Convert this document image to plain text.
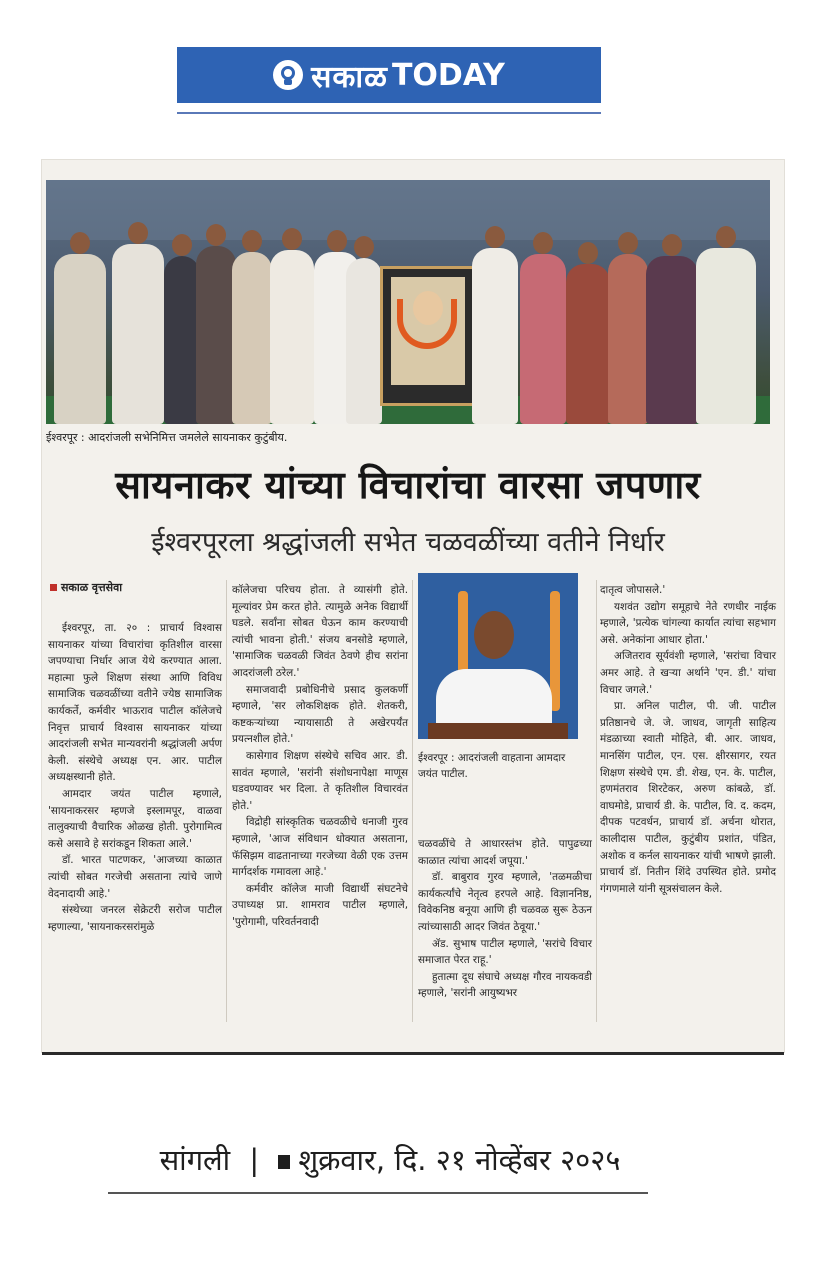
सकाळ TODAY
ईश्‍वरपूर : आदरांजली सभेनिमित्त जमलेले सायनाकर कुटुंबीय.
सायनाकर यांच्या विचारांचा वारसा जपणार
ईश्‍वरपूरला श्रद्धांजली सभेत चळवळींच्या वतीने निर्धार
सकाळ वृत्तसेवा

ईश्‍वरपूर, ता. २० : प्राचार्य विश्‍वास सायनाकर यांच्या विचारांचा कृतिशील वारसा जपण्याचा निर्धार आज येथे करण्यात आला. महात्मा फुले शिक्षण संस्था आणि विविध सामाजिक चळवळींच्या वतीने ज्येष्ठ सामाजिक कार्यकर्ते, कर्मवीर भाऊराव पाटील कॉलेजचे निवृत्त प्राचार्य विश्‍वास सायनाकर यांच्या आदरांजली सभेत मान्यवरांनी श्रद्धांजली अर्पण केली. संस्थेचे अध्यक्ष एन. आर. पाटील अध्यक्षस्थानी होते.

आमदार जयंत पाटील म्हणाले, 'सायनाकरसर म्हणजे इस्लामपूर, वाळवा तालुक्याची वैचारिक ओळख होती. पुरोगामित्व कसे असावे हे सरांकडून शिकता आले.'

डॉ. भारत पाटणकर, 'आजच्या काळात त्यांची सोबत गरजेची असताना त्यांचे जाणे वेदनादायी आहे.'

संस्थेच्या जनरल सेक्रेटरी सरोज पाटील म्हणाल्या, 'सायनाकरसरांमुळे

कॉलेजचा परिचय होता. ते व्यासंगी होते. मूल्यांवर प्रेम करत होते. त्यामुळे अनेक विद्यार्थी घडले. सर्वांना सोबत घेऊन काम करण्याची त्यांची भावना होती.' संजय बनसोडे म्हणाले, 'सामाजिक चळवळी जिवंत ठेवणे हीच सरांना आदरांजली ठरेल.'

समाजवादी प्रबोधिनीचे प्रसाद कुलकर्णी म्हणाले, 'सर लोकशिक्षक होते. शेतकरी, कष्टकऱ्यांच्या न्यायासाठी ते अखेरपर्यंत प्रयत्नशील होते.'

कासेगाव शिक्षण संस्थेचे सचिव आर. डी. सावंत म्हणाले, 'सरांनी संशोधनापेक्षा माणूस घडवण्यावर भर दिला. ते कृतिशील विचारवंत होते.'

विद्रोही सांस्कृतिक चळवळीचे धनाजी गुरव म्हणाले, 'आज संविधान धोक्यात असताना, फॅसिझम वाढतानाच्या गरजेच्या वेळी एक उत्तम मार्गदर्शक गमावला आहे.'

कर्मवीर कॉलेज माजी विद्यार्थी संघटनेचे उपाध्यक्ष प्रा. शामराव पाटील म्हणाले, 'पुरोगामी, परिवर्तनवादी

ईश्‍वरपूर : आदरांजली वाहताना आमदार जयंत पाटील.

चळवळींचे ते आधारस्तंभ होते. पापुढच्या काळात त्यांचा आदर्श जपूया.'

डॉ. बाबुराव गुरव म्हणाले, 'तळमळीचा कार्यकर्त्यांचे नेतृत्व हरपले आहे. विज्ञाननिष्ठ, विवेकनिष्ठ बनूया आणि ही चळवळ सुरू ठेऊन त्यांच्यासाठी आदर जिवंत ठेवूया.'

ॲड. सुभाष पाटील म्हणाले, 'सरांचे विचार समाजात पेरत राहू.'

हुतात्मा दूध संघाचे अध्यक्ष गौरव नायकवडी म्हणाले, 'सरांनी आयुष्यभर

दातृत्व जोपासले.'

यशवंत उद्योग समूहाचे नेते रणधीर नाईक म्हणाले, 'प्रत्येक चांगल्या कार्यात त्यांचा सहभाग असे. अनेकांना आधार होता.'

अजितराव सूर्यवंशी म्हणाले, 'सरांचा विचार अमर आहे. ते खऱ्या अर्थाने 'एन. डी.' यांचा विचार जगले.'

प्रा. अनिल पाटील, पी. जी. पाटील प्रतिष्ठानचे जे. जे. जाधव, जागृती साहित्य मंडळाच्या स्वाती मोहिते, बी. आर. जाधव, मानसिंग पाटील, एन. एस. क्षीरसागर, रयत शिक्षण संस्थेचे एम. डी. शेख, एन. के. पाटील, हणमंतराव शिरटेकर, अरुण कांबळे, डॉ. वाघमोडे, प्राचार्य डी. के. पाटील, वि. द. कदम, दीपक पटवर्धन, प्राचार्य डॉ. अर्चना थोरात, कालीदास पाटील, कुटुंबीय प्रशांत, पंडित, अशोक व कर्नल सायनाकर यांची भाषणे झाली. प्राचार्य डॉ. नितीन शिंदे उपस्थित होते. प्रमोद गंगणमाले यांनी सूत्रसंचालन केले.

सांगली | शुक्रवार, दि. २१ नोव्हेंबर २०२५
